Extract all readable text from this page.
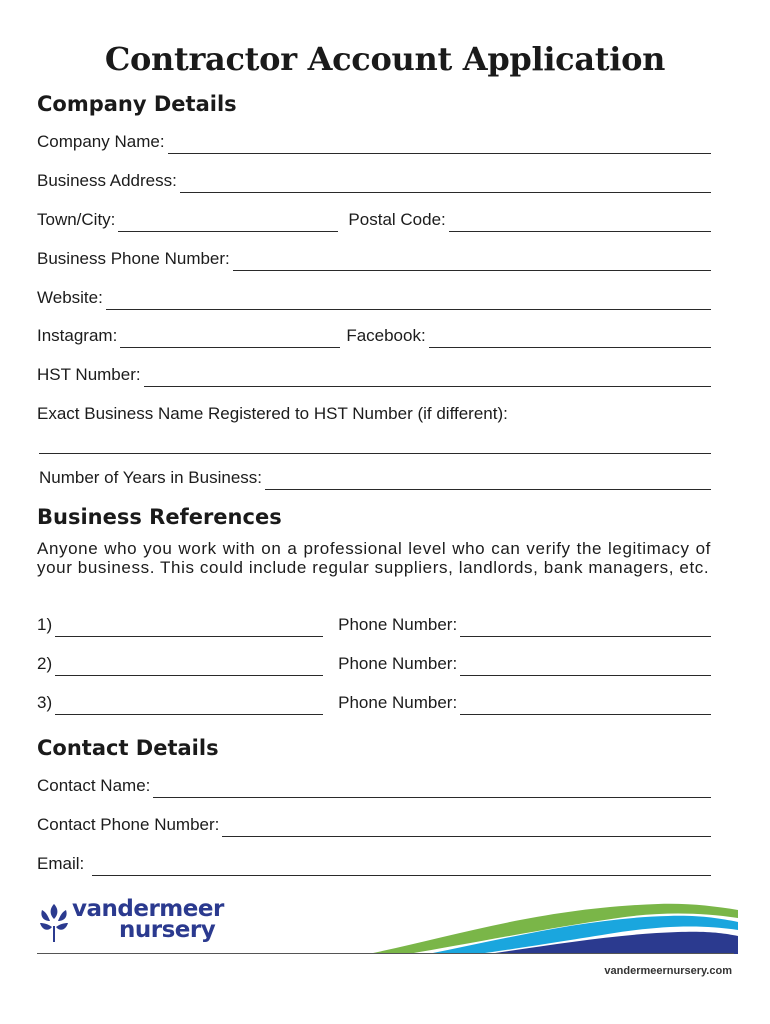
Contractor Account Application
Company Details
Company Name:
Business Address:
Town/City:	Postal Code:
Business Phone Number:
Website:
Instagram:	Facebook:
HST Number:
Exact Business Name Registered to HST Number (if different):
Number of Years in Business:
Business References
Anyone who you work with on a professional level who can verify the legitimacy of your business. This could include regular suppliers, landlords, bank managers, etc.
1)	Phone Number:
2)	Phone Number:
3)	Phone Number:
Contact Details
Contact Name:
Contact Phone Number:
Email:
vandermeer
nursery
vandermeernursery.com
